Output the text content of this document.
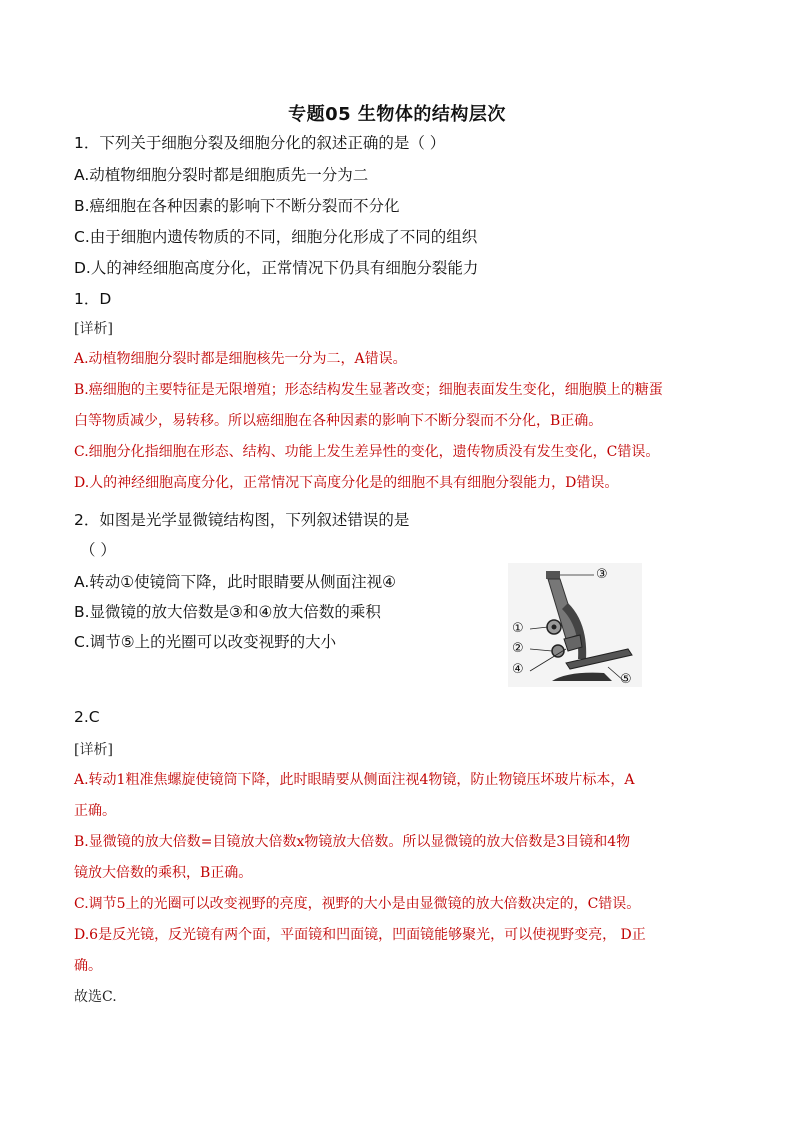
专题05 生物体的结构层次
1．下列关于细胞分裂及细胞分化的叙述正确的是（ ）
A.动植物细胞分裂时都是细胞质先一分为二
B.癌细胞在各种因素的影响下不断分裂而不分化
C.由于细胞内遗传物质的不同，细胞分化形成了不同的组织
D.人的神经细胞高度分化，正常情况下仍具有细胞分裂能力
1．D
[详析]
A.动植物细胞分裂时都是细胞核先一分为二，A错误。
B.癌细胞的主要特征是无限增殖；形态结构发生显著改变；细胞表面发生变化，细胞膜上的糖蛋
白等物质减少，易转移。所以癌细胞在各种因素的影响下不断分裂而不分化，B正确。
C.细胞分化指细胞在形态、结构、功能上发生差异性的变化，遗传物质没有发生变化，C错误。
D.人的神经细胞高度分化，正常情况下高度分化是的细胞不具有细胞分裂能力，D错误。
2．如图是光学显微镜结构图，下列叙述错误的是
（ ）
A.转动①使镜筒下降，此时眼睛要从侧面注视④
B.显微镜的放大倍数是③和④放大倍数的乘积
C.调节⑤上的光圈可以改变视野的大小
③
①
②
④
⑤
2.C
[详析]
A.转动1粗准焦螺旋使镜筒下降，此时眼睛要从侧面注视4物镜，防止物镜压坏玻片标本，A
正确。
B.显微镜的放大倍数=目镜放大倍数x物镜放大倍数。所以显微镜的放大倍数是3目镜和4物
镜放大倍数的乘积，B正确。
C.调节5上的光圈可以改变视野的亮度，视野的大小是由显微镜的放大倍数决定的，C错误。
D.6是反光镜，反光镜有两个面，平面镜和凹面镜，凹面镜能够聚光，可以使视野变亮， D正
确。
故选C.
